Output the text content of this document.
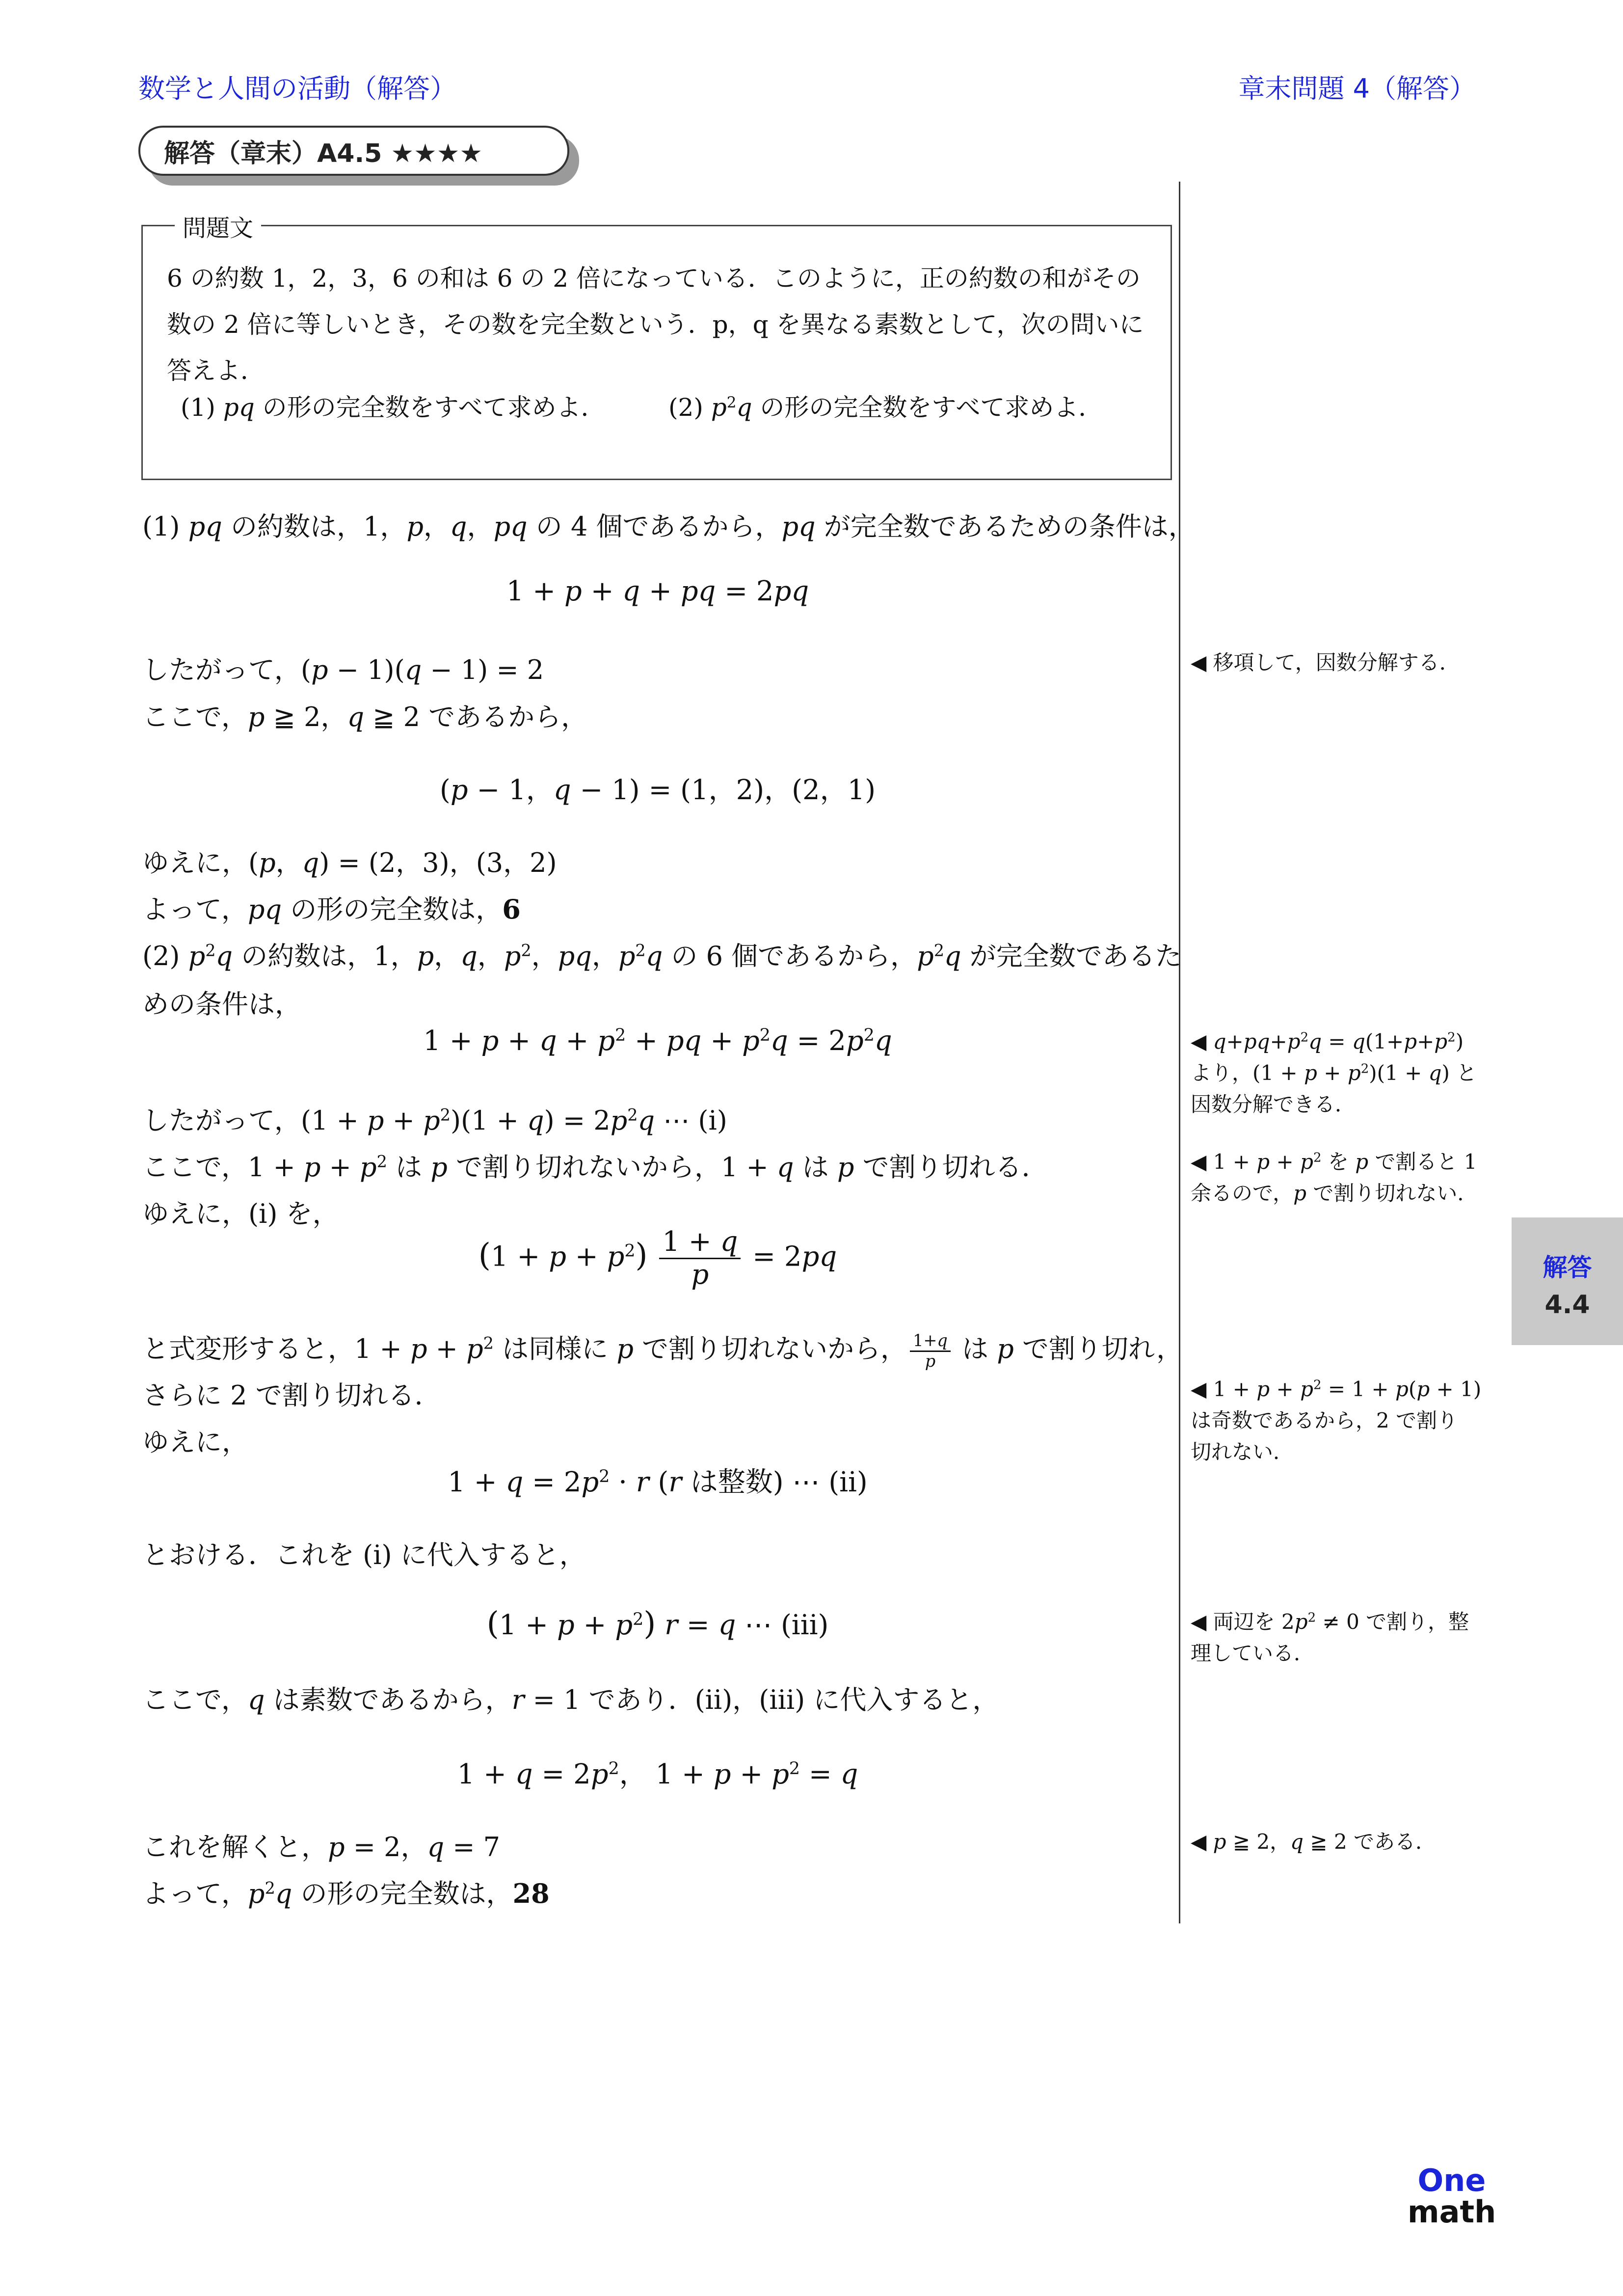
数学と人間の活動（解答）	章末問題 4（解答）
解答（章末）A4.5 ★★★★
問題文
6 の約数 1，2，3，6 の和は 6 の 2 倍になっている．このように，正の約数の和がその数の 2 倍に等しいとき，その数を完全数という．p，q を異なる素数として，次の問いに答えよ．
(1) pq の形の完全数をすべて求めよ．	(2) $p^2q$ の形の完全数をすべて求めよ．
(1) pq の約数は，1，p，q，pq の 4 個であるから，pq が完全数であるための条件は，
1 + p + q + pq = 2pq
したがって，(p − 1)(q − 1) = 2
ここで，p ≧ 2，q ≧ 2 であるから，
(p − 1，q − 1) = (1，2)，(2，1)
ゆえに，(p，q) = (2，3)，(3，2)
よって，pq の形の完全数は，6
(2) $p^2q$ の約数は，1，p，q，$p^2$，pq，$p^2q$ の 6 個であるから，$p^2q$ が完全数であるた
めの条件は，
$1 + p + q + p^2$ + pq + $p^2q = 2p^2q$
したがって，$(1 + p + p^2)(1 + q) = 2p^2q$ ⋯ (i)
ここで，$1 + p + p^2$ は p で割り切れないから，1 + q は p で割り切れる．
ゆえに，(i) を，
$(1 + p + p^2) \frac{1 + q}{p} = 2pq$
と式変形すると，$1 + p + p^2$ は同様に p で割り切れないから， $\frac{1+q}{p}$ は p で割り切れ，
さらに 2 で割り切れる．
ゆえに，
$1 + q = 2p^2 \cdot r$ (r は整数) ⋯ (ii)
とおける．これを (i) に代入すると，
$(1 + p + p^2)$ r = q ⋯ (iii)
ここで，q は素数であるから，r = 1 であり．(ii)，(iii) に代入すると，
$1 + q = 2p^2$， $1 + p + p^2 = q$
これを解くと，p = 2，q = 7
よって，$p^2q$ の形の完全数は，28
◀ 移項して，因数分解する．
◀ $q+pq+p^2q = q(1+p+p^2)$
より，$(1 + p + p^2)(1 + q)$ と
因数分解できる．
◀ $1 + p + p^2$ を p で割ると 1
余るので，p で割り切れない．
◀ $1 + p + p^2 = 1 + p(p + 1)$
は奇数であるから，2 で割り
切れない．
◀ 両辺を $2p^2 \ne 0$ で割り，整
理している．
◀ p ≧ 2，q ≧ 2 である．
解答
4.4
One
math
